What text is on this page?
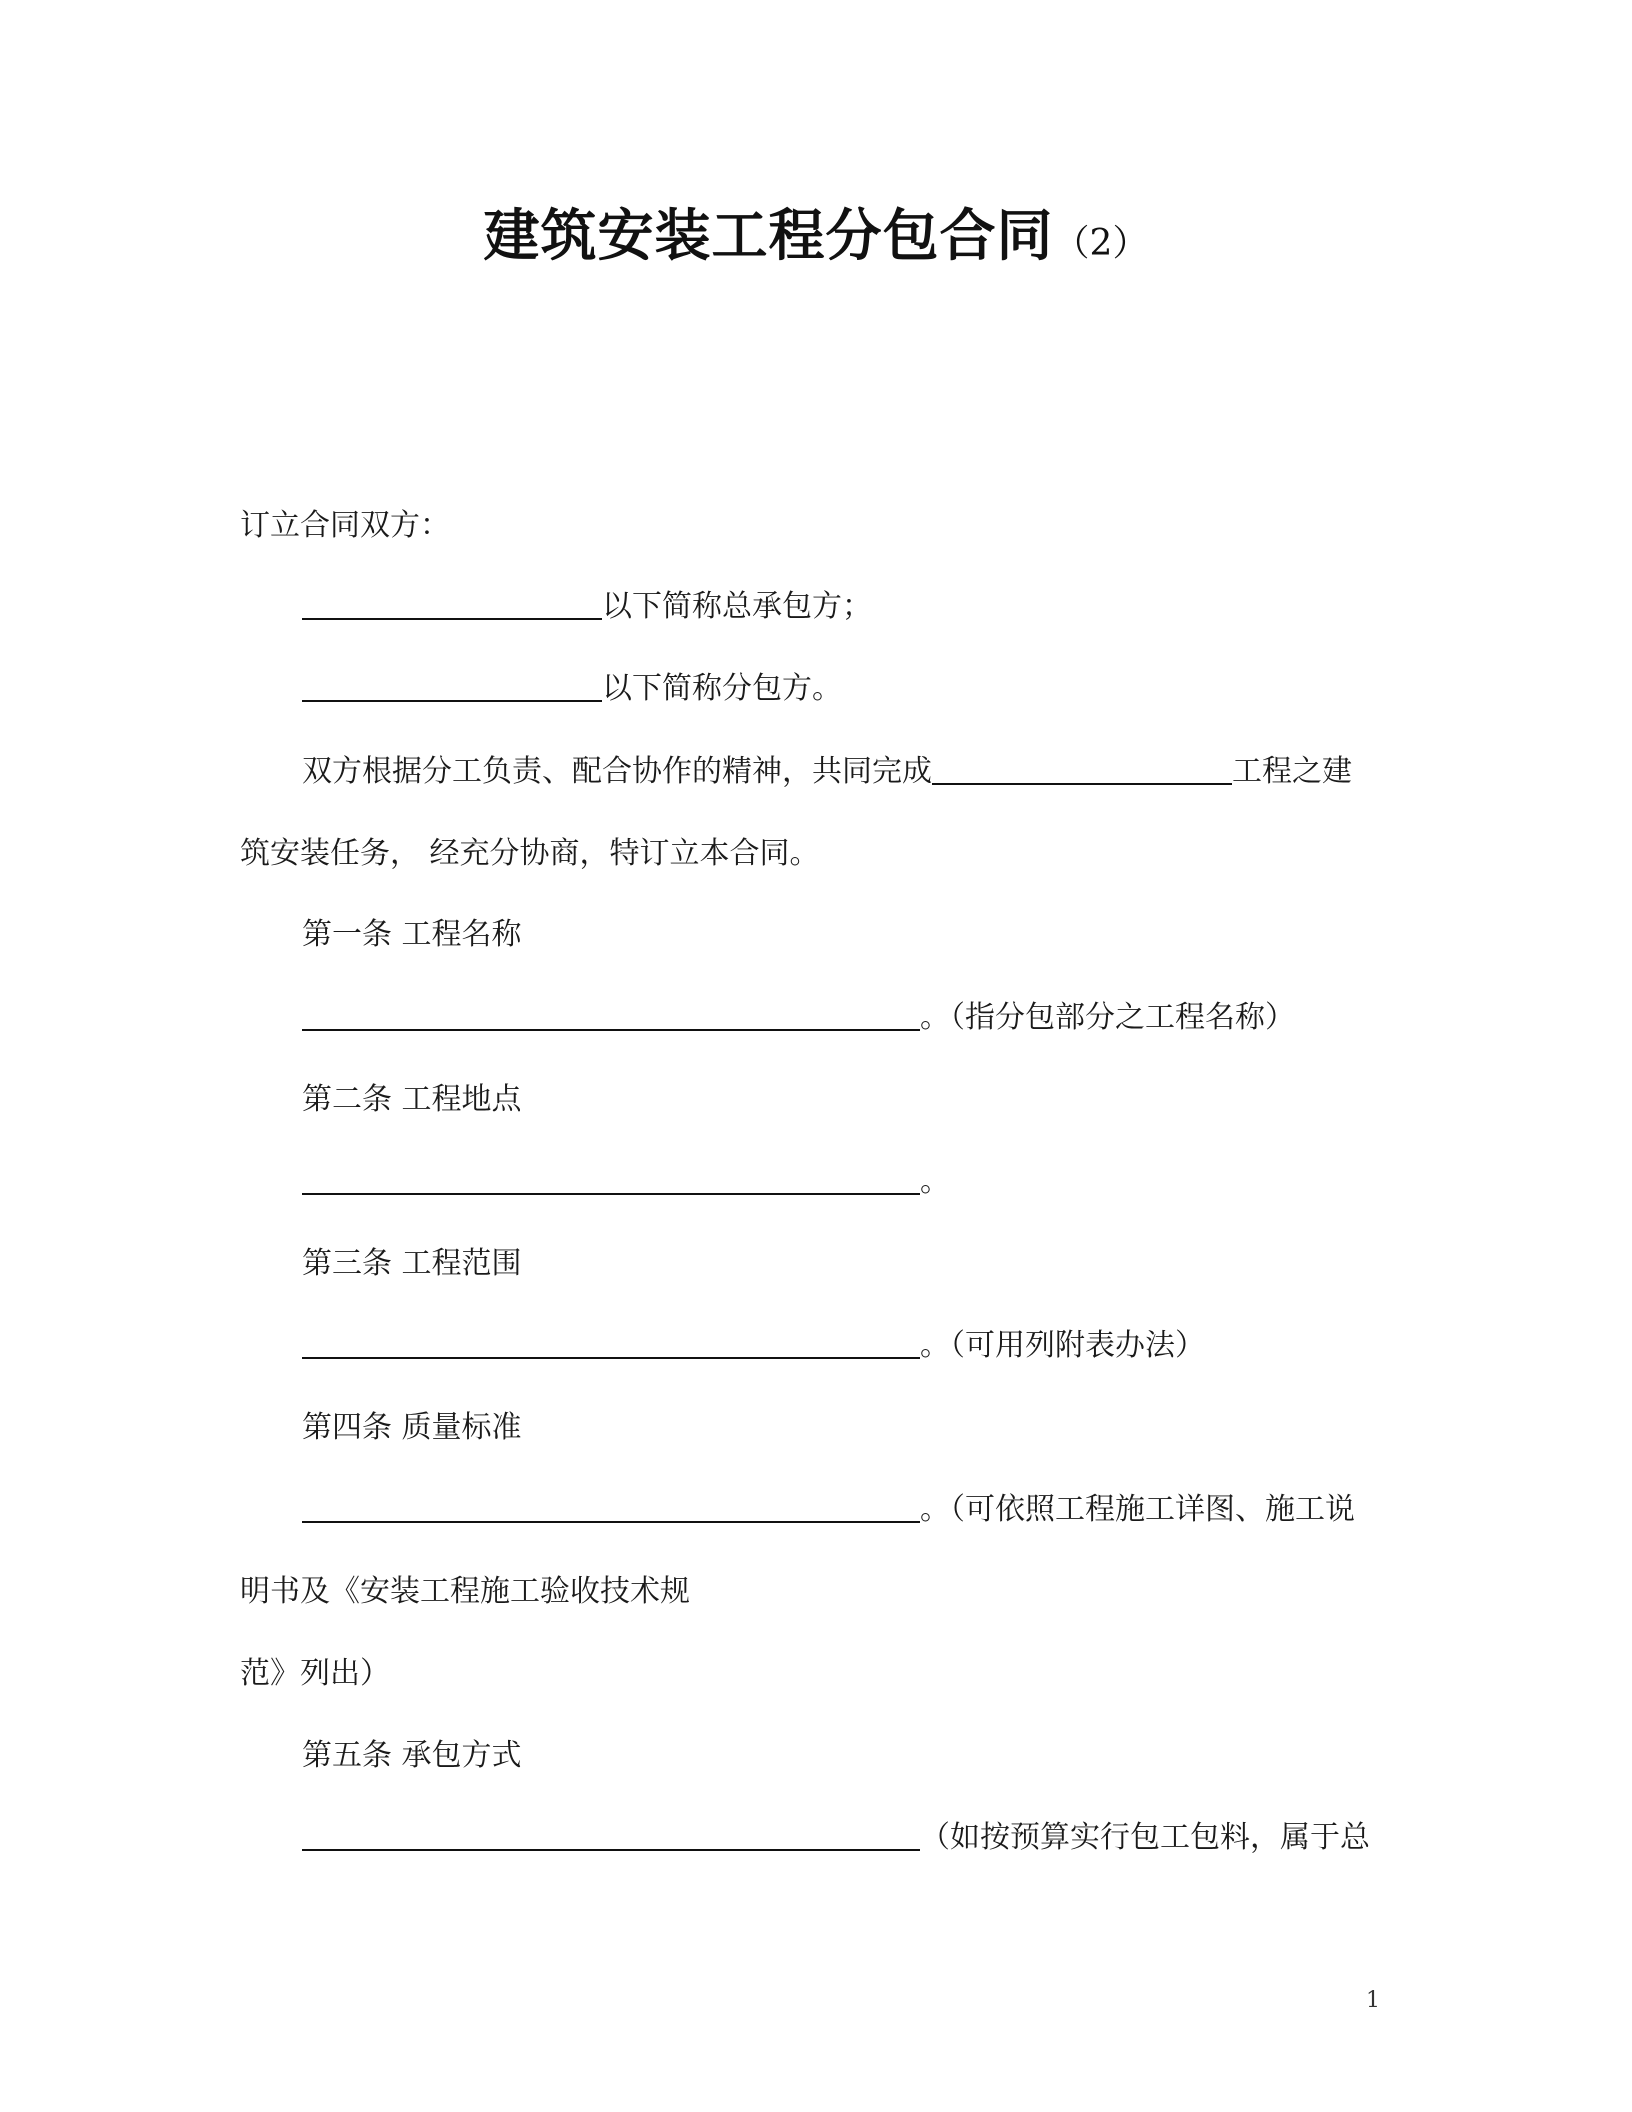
建筑安装工程分包合同（2）
订立合同双方：
以下简称总承包方；
以下简称分包方。
双方根据分工负责、配合协作的精神，共同完成	工程之建
筑安装任务， 经充分协商，特订立本合同。
第一条 工程名称
。（指分包部分之工程名称）
第二条 工程地点
。
第三条 工程范围
。（可用列附表办法）
第四条 质量标准
。（可依照工程施工详图、施工说
明书及《安装工程施工验收技术规
范》列出）
第五条 承包方式
（如按预算实行包工包料，属于总
1
